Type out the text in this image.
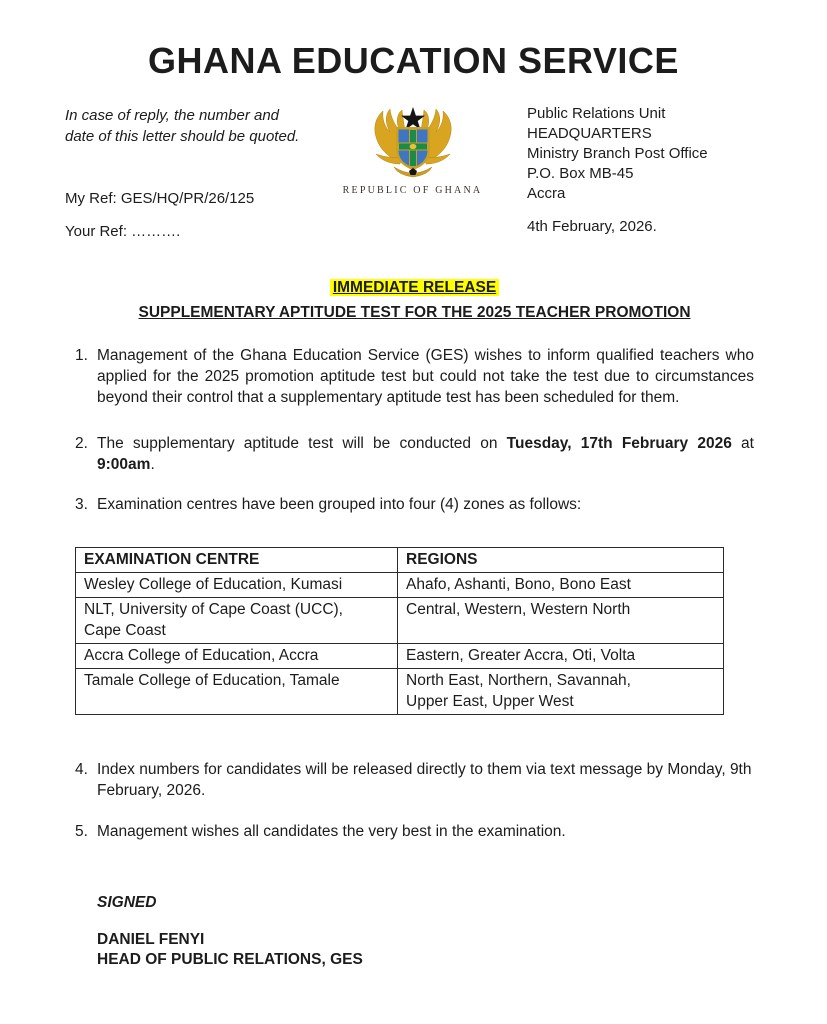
GHANA EDUCATION SERVICE
In case of reply, the number and
date of this letter should be quoted.
REPUBLIC OF GHANA
Public Relations Unit
HEADQUARTERS
Ministry Branch Post Office
P.O. Box MB-45
Accra
My Ref: GES/HQ/PR/26/125
Your Ref: ……….	4th February, 2026.
IMMEDIATE RELEASE
SUPPLEMENTARY APTITUDE TEST FOR THE 2025 TEACHER PROMOTION
1. Management of the Ghana Education Service (GES) wishes to inform qualified teachers who applied for the 2025 promotion aptitude test but could not take the test due to circumstances beyond their control that a supplementary aptitude test has been scheduled for them.
2. The supplementary aptitude test will be conducted on Tuesday, 17th February 2026 at 9:00am.
3. Examination centres have been grouped into four (4) zones as follows:
EXAMINATION CENTRE	REGIONS
Wesley College of Education, Kumasi	Ahafo, Ashanti, Bono, Bono East

NLT, University of Cape Coast (UCC),
Cape Coast	Central, Western, Western North
Accra College of Education, Accra	Eastern, Greater Accra, Oti, Volta
Tamale College of Education, Tamale	North East, Northern, Savannah,
Upper East, Upper West
4. Index numbers for candidates will be released directly to them via text message by Monday, 9th February, 2026.
5. Management wishes all candidates the very best in the examination.
SIGNED
DANIEL FENYI
HEAD OF PUBLIC RELATIONS, GES
